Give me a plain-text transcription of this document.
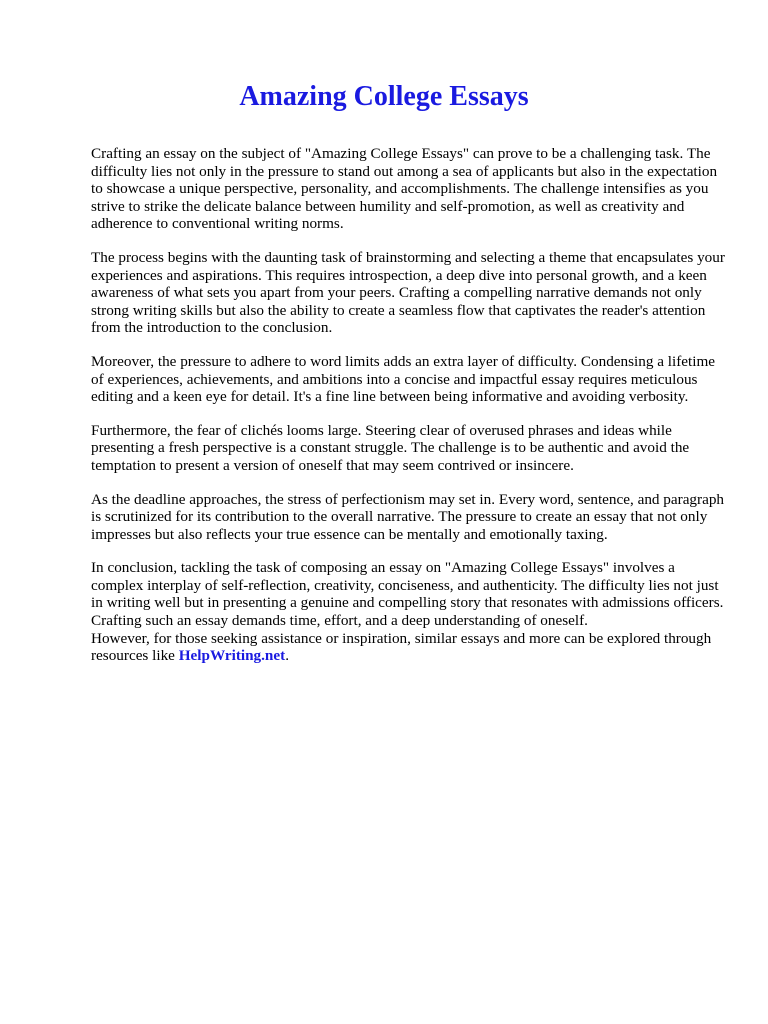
Amazing College Essays

Crafting an essay on the subject of "Amazing College Essays" can prove to be a challenging task. The difficulty lies not only in the pressure to stand out among a sea of applicants but also in the expectation to showcase a unique perspective, personality, and accomplishments. The challenge intensifies as you strive to strike the delicate balance between humility and self-promotion, as well as creativity and adherence to conventional writing norms.

The process begins with the daunting task of brainstorming and selecting a theme that encapsulates your experiences and aspirations. This requires introspection, a deep dive into personal growth, and a keen awareness of what sets you apart from your peers. Crafting a compelling narrative demands not only strong writing skills but also the ability to create a seamless flow that captivates the reader's attention from the introduction to the conclusion.

Moreover, the pressure to adhere to word limits adds an extra layer of difficulty. Condensing a lifetime of experiences, achievements, and ambitions into a concise and impactful essay requires meticulous editing and a keen eye for detail. It's a fine line between being informative and avoiding verbosity.

Furthermore, the fear of clichés looms large. Steering clear of overused phrases and ideas while presenting a fresh perspective is a constant struggle. The challenge is to be authentic and avoid the temptation to present a version of oneself that may seem contrived or insincere.

As the deadline approaches, the stress of perfectionism may set in. Every word, sentence, and paragraph is scrutinized for its contribution to the overall narrative. The pressure to create an essay that not only impresses but also reflects your true essence can be mentally and emotionally taxing.

In conclusion, tackling the task of composing an essay on "Amazing College Essays" involves a complex interplay of self-reflection, creativity, conciseness, and authenticity. The difficulty lies not just in writing well but in presenting a genuine and compelling story that resonates with admissions officers. Crafting such an essay demands time, effort, and a deep understanding of oneself.
However, for those seeking assistance or inspiration, similar essays and more can be explored through resources like HelpWriting.net.
